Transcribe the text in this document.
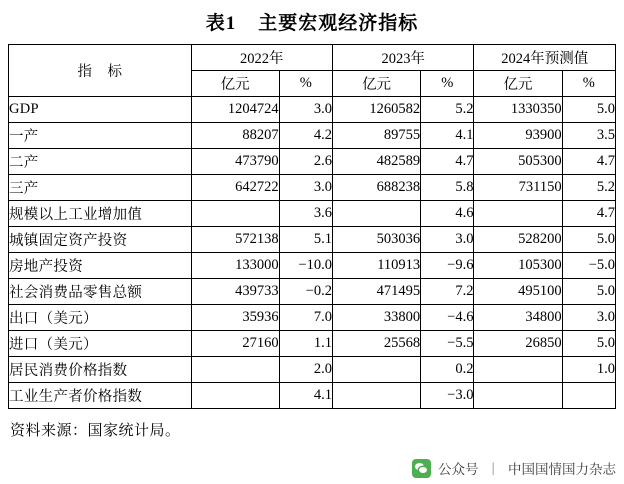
表1 主要宏观经济指标
指 标	2022年		2023年		2024年预测值	
	亿元	%	亿元	%	亿元	%
GDP	1204724	3.0	1260582	5.2	1330350	5.0
一产	88207	4.2	89755	4.1	93900	3.5
二产	473790	2.6	482589	4.7	505300	4.7
三产	642722	3.0	688238	5.8	731150	5.2
规模以上工业增加值		3.6		4.6		4.7
城镇固定资产投资	572138	5.1	503036	3.0	528200	5.0
房地产投资	133000	−10.0	110913	−9.6	105300	−5.0
社会消费品零售总额	439733	−0.2	471495	7.2	495100	5.0
出口（美元）	35936	7.0	33800	−4.6	34800	3.0
进口（美元）	27160	1.1	25568	−5.5	26850	5.0
居民消费价格指数		2.0		0.2		1.0
工业生产者价格指数		4.1		−3.0		
资料来源：国家统计局。
公众号 丨 中国国情国力杂志
